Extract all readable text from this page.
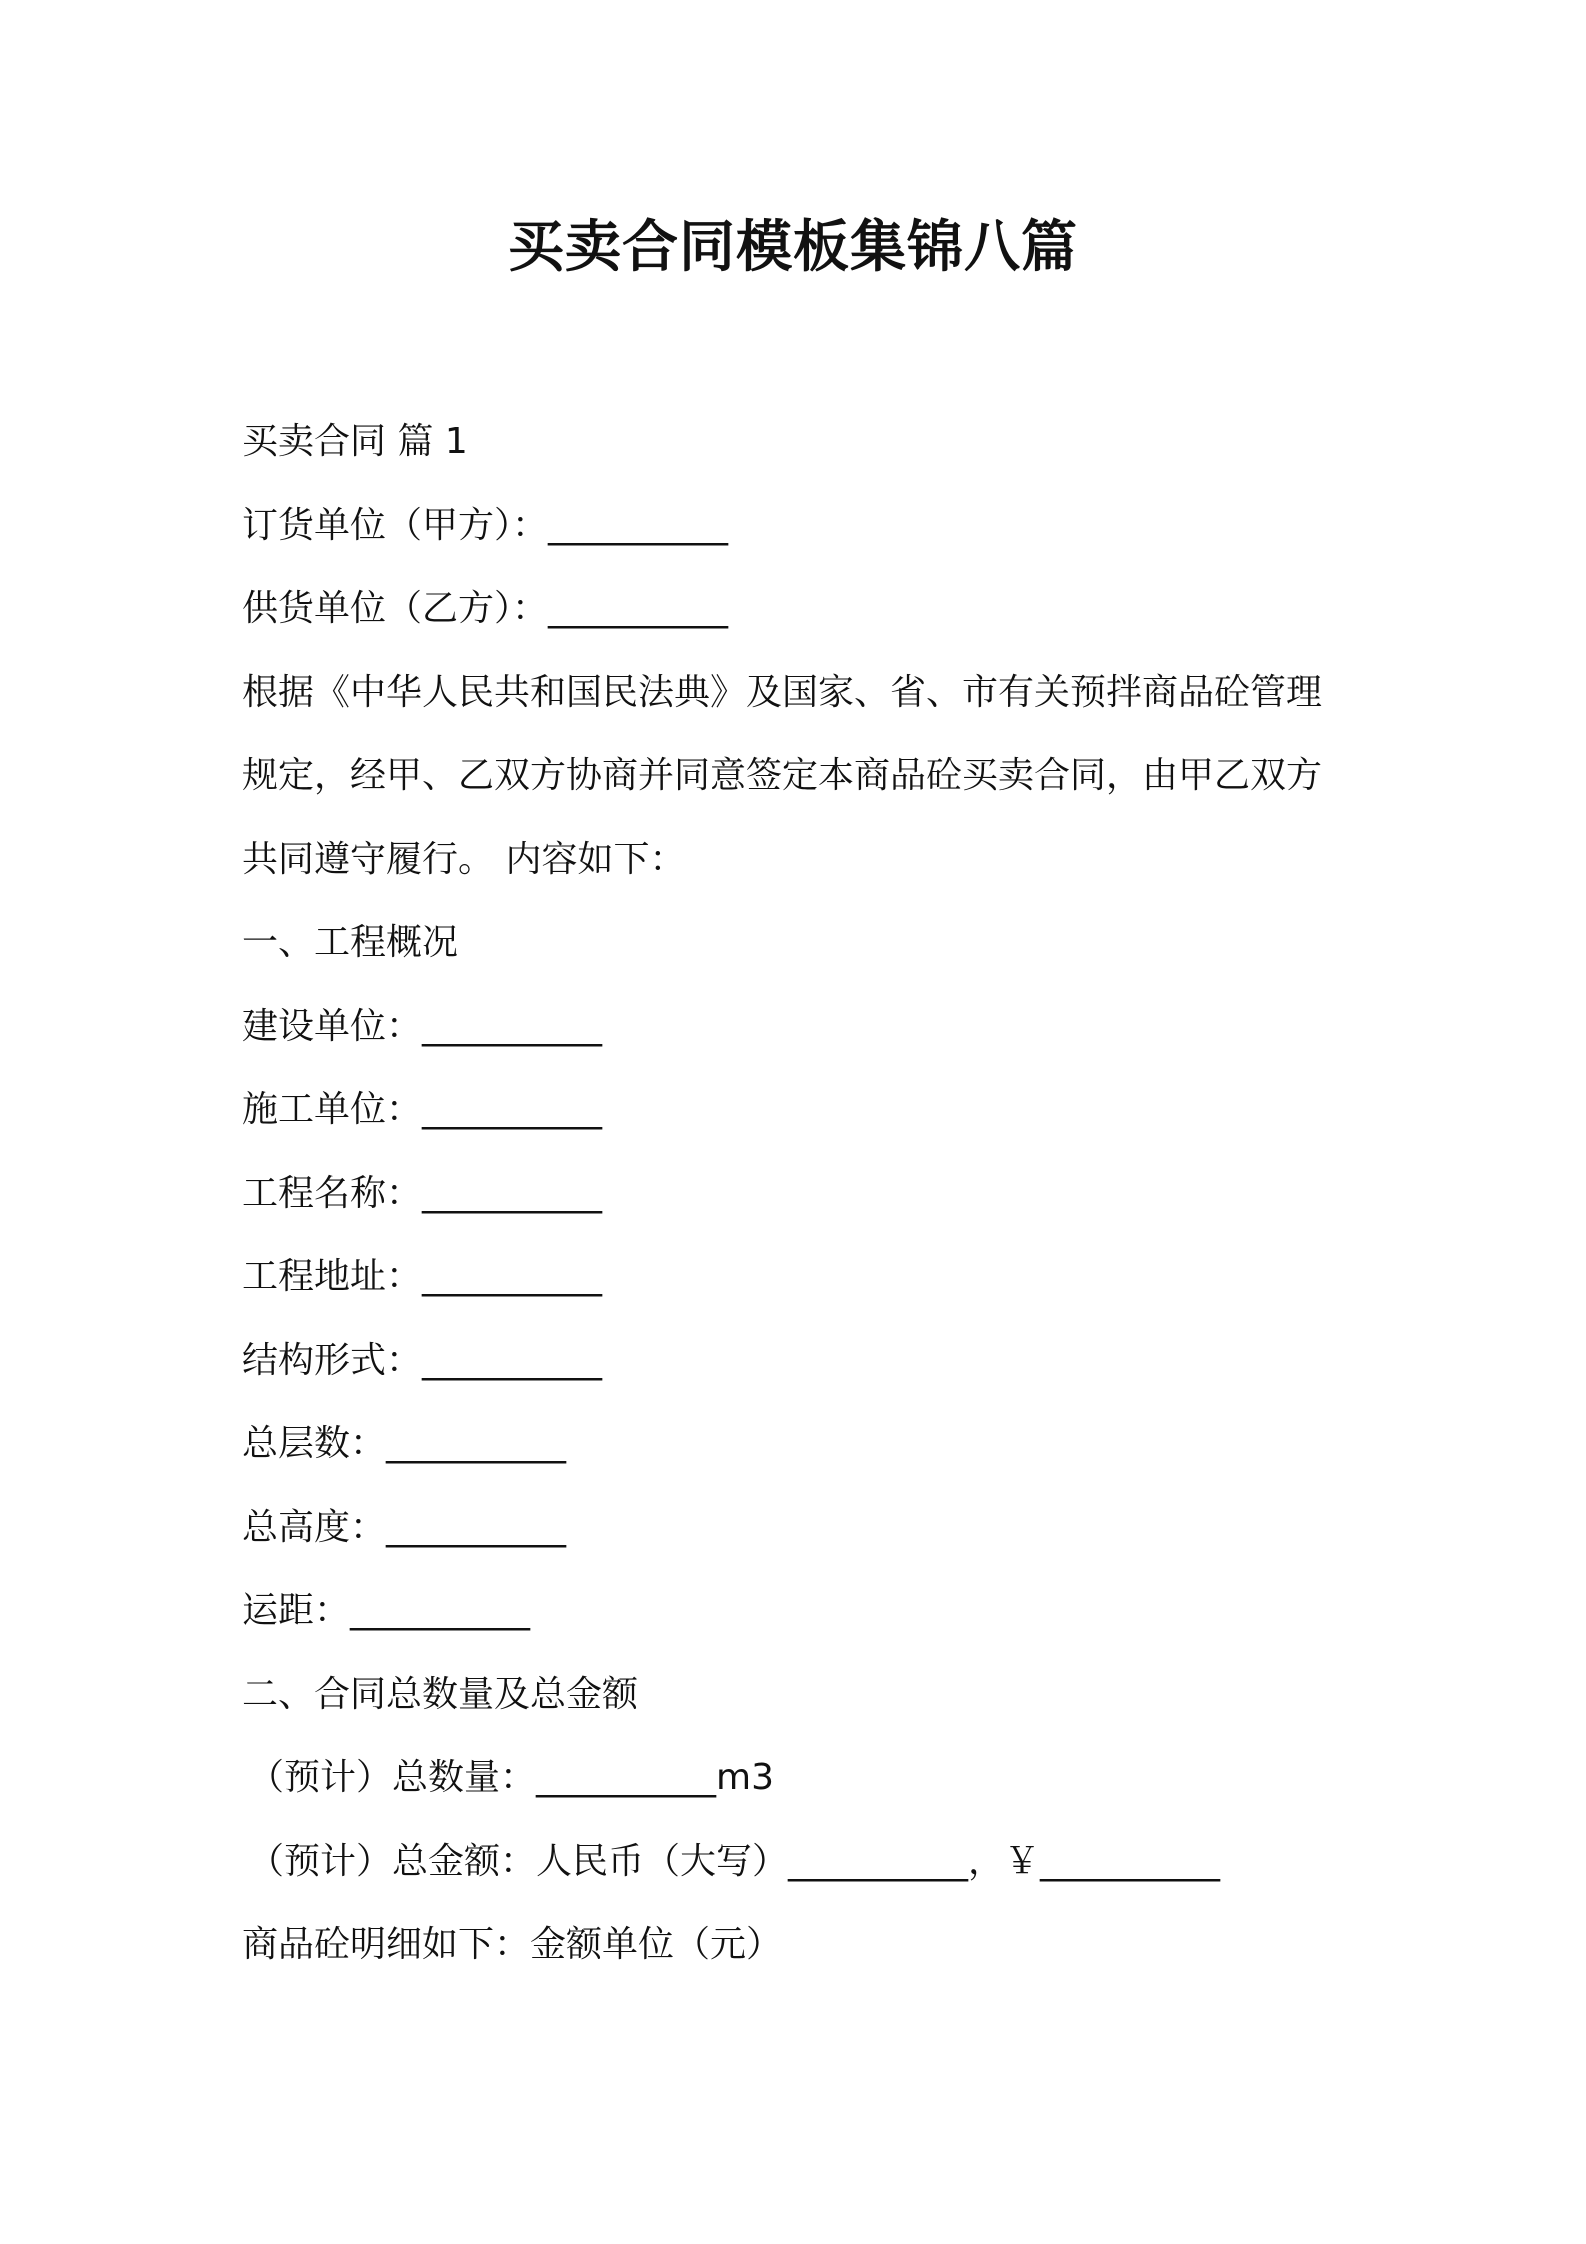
买卖合同模板集锦八篇
买卖合同 篇 1
订货单位（甲方）：__________
供货单位（乙方）：__________
根据《中华人民共和国民法典》及国家、省、市有关预拌商品砼管理
规定，经甲、乙双方协商并同意签定本商品砼买卖合同，由甲乙双方
共同遵守履行。 内容如下：
一、工程概况
建设单位：__________
施工单位：__________
工程名称：__________
工程地址：__________
结构形式：__________
总层数：__________
总高度：__________
运距：__________
二、合同总数量及总金额
（预计）总数量：__________m3
（预计）总金额：人民币（大写）__________，￥__________
商品砼明细如下：金额单位（元）
